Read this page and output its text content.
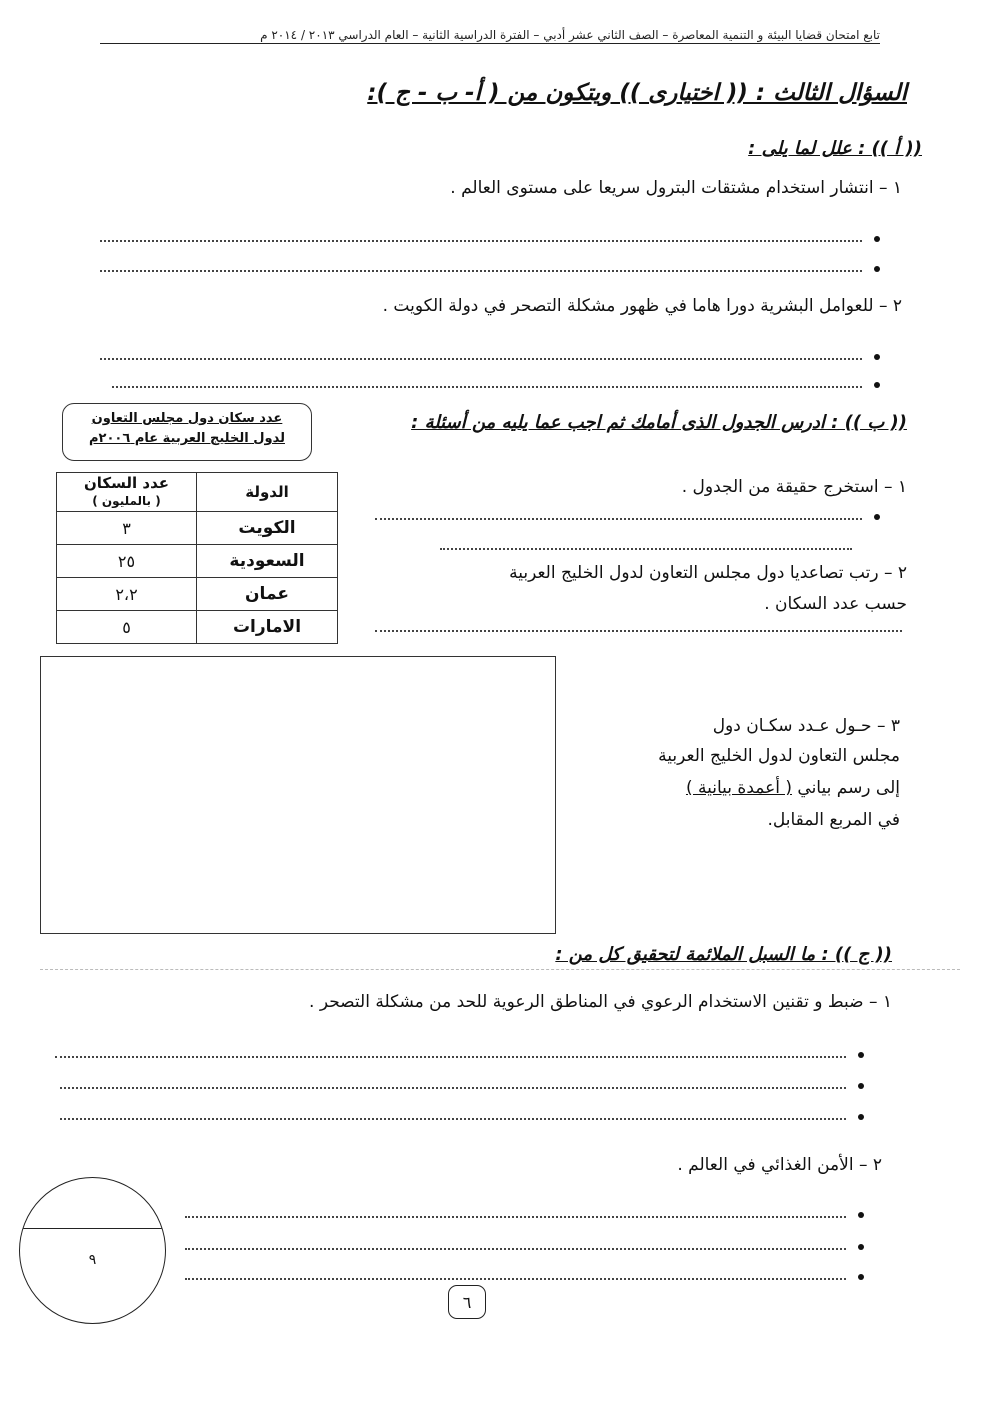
تابع امتحان قضايا البيئة و التنمية المعاصرة – الصف الثاني عشر أدبي – الفترة الدراسية الثانية – العام الدراسي ٢٠١٣ / ٢٠١٤ م
السؤال الثالث : (( اختيارى )) ويتكون من ( أ- ب - ج ):
(( أ )) : علل لما يلى :
١ – انتشار استخدام مشتقات البترول سريعا على مستوى العالم .
٢ – للعوامل البشرية دورا هاما في ظهور مشكلة التصحر في دولة الكويت .
(( ب )) : ادرس الجدول الذى أمامك ثم اجب عما يليه من أسئلة :
عدد سكان دول مجلس التعاون
لدول الخليج العربية عام ٢٠٠٦م
الدولة	عدد السكان
( بالمليون )

الكويت	٣
السعودية	٢٥
عمان	٢،٢
الامارات	٥
١ – استخرج حقيقة من الجدول .
٢ – رتب تصاعديا دول مجلس التعاون لدول الخليج العربية
حسب عدد السكان .
٣ – حـول عـدد سكـان دول
مجلس التعاون لدول الخليج العربية
إلى رسم بياني ( أعمدة بيانية )
في المربع المقابل.
(( ج )) : ما السبل الملائمة لتحقيق كل من :
١ – ضبط و تقنين الاستخدام الرعوي في المناطق الرعوية للحد من مشكلة التصحر .
٢ – الأمن الغذائي في العالم .
٩
٦
